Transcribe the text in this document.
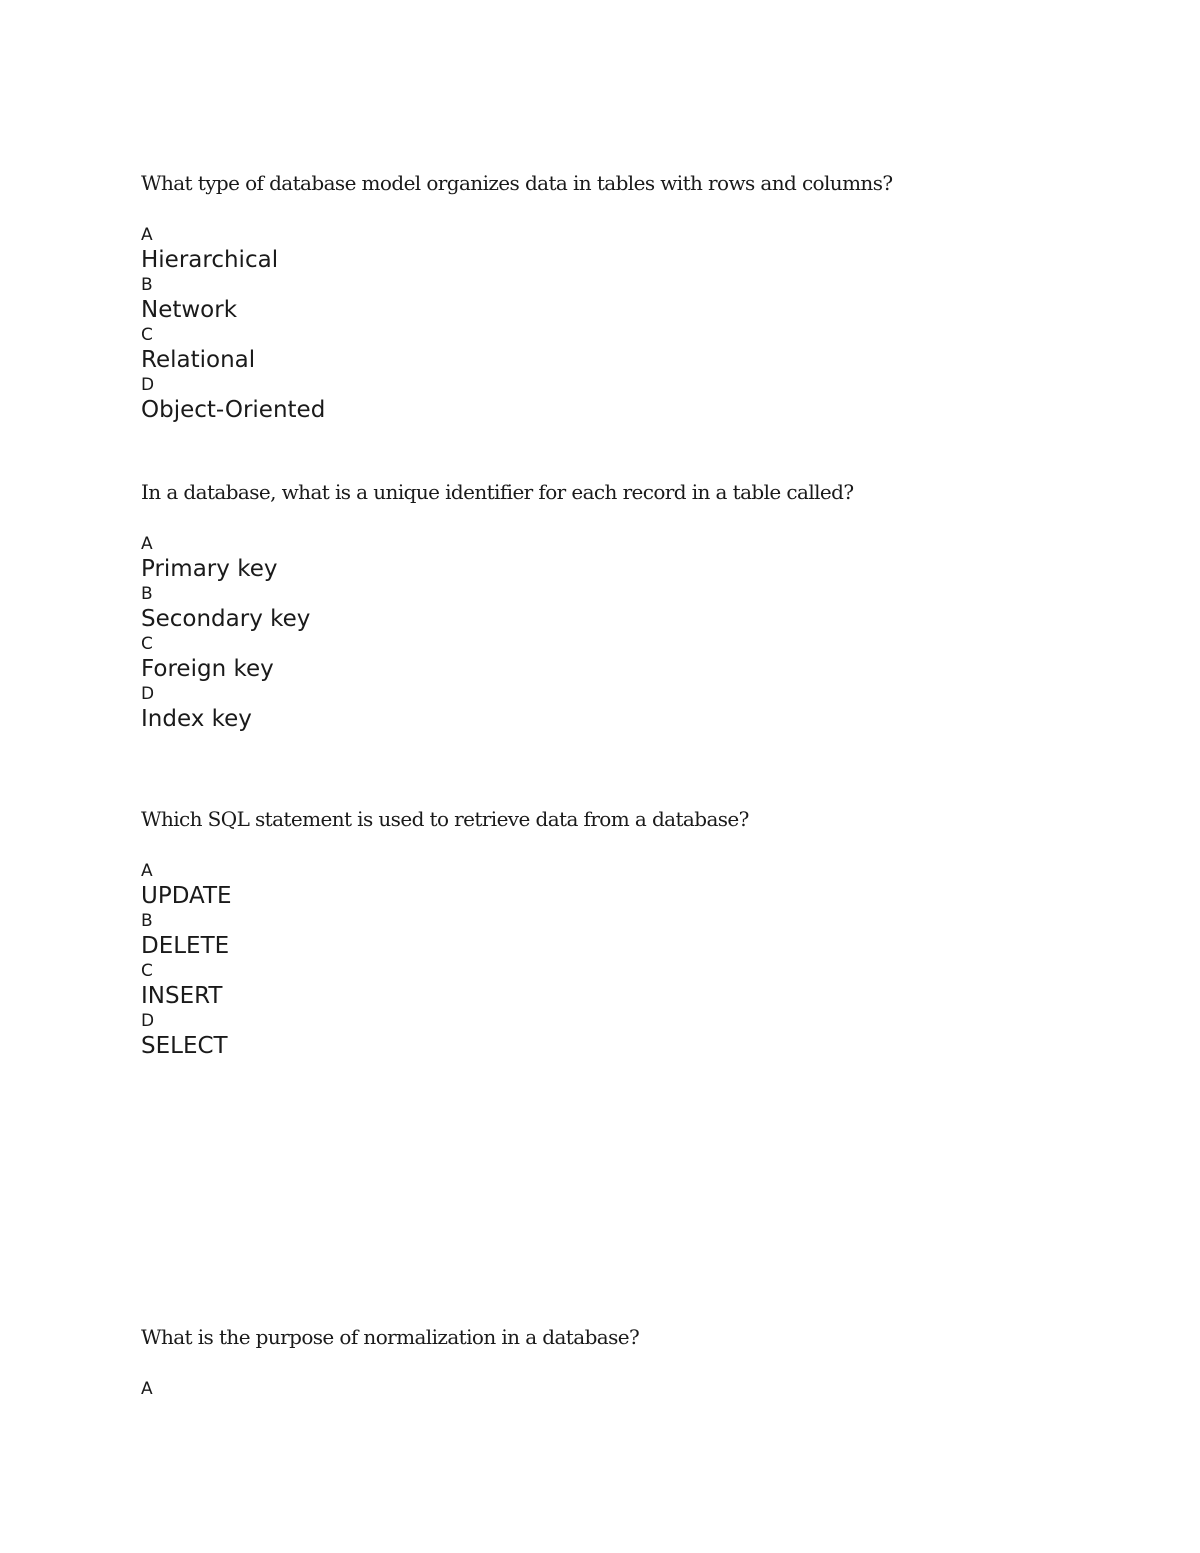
What type of database model organizes data in tables with rows and columns?
A
Hierarchical
B
Network
C
Relational
D
Object-Oriented
In a database, what is a unique identifier for each record in a table called?
A
Primary key
B
Secondary key
C
Foreign key
D
Index key
Which SQL statement is used to retrieve data from a database?
A
UPDATE
B
DELETE
C
INSERT
D
SELECT
What is the purpose of normalization in a database?
A
